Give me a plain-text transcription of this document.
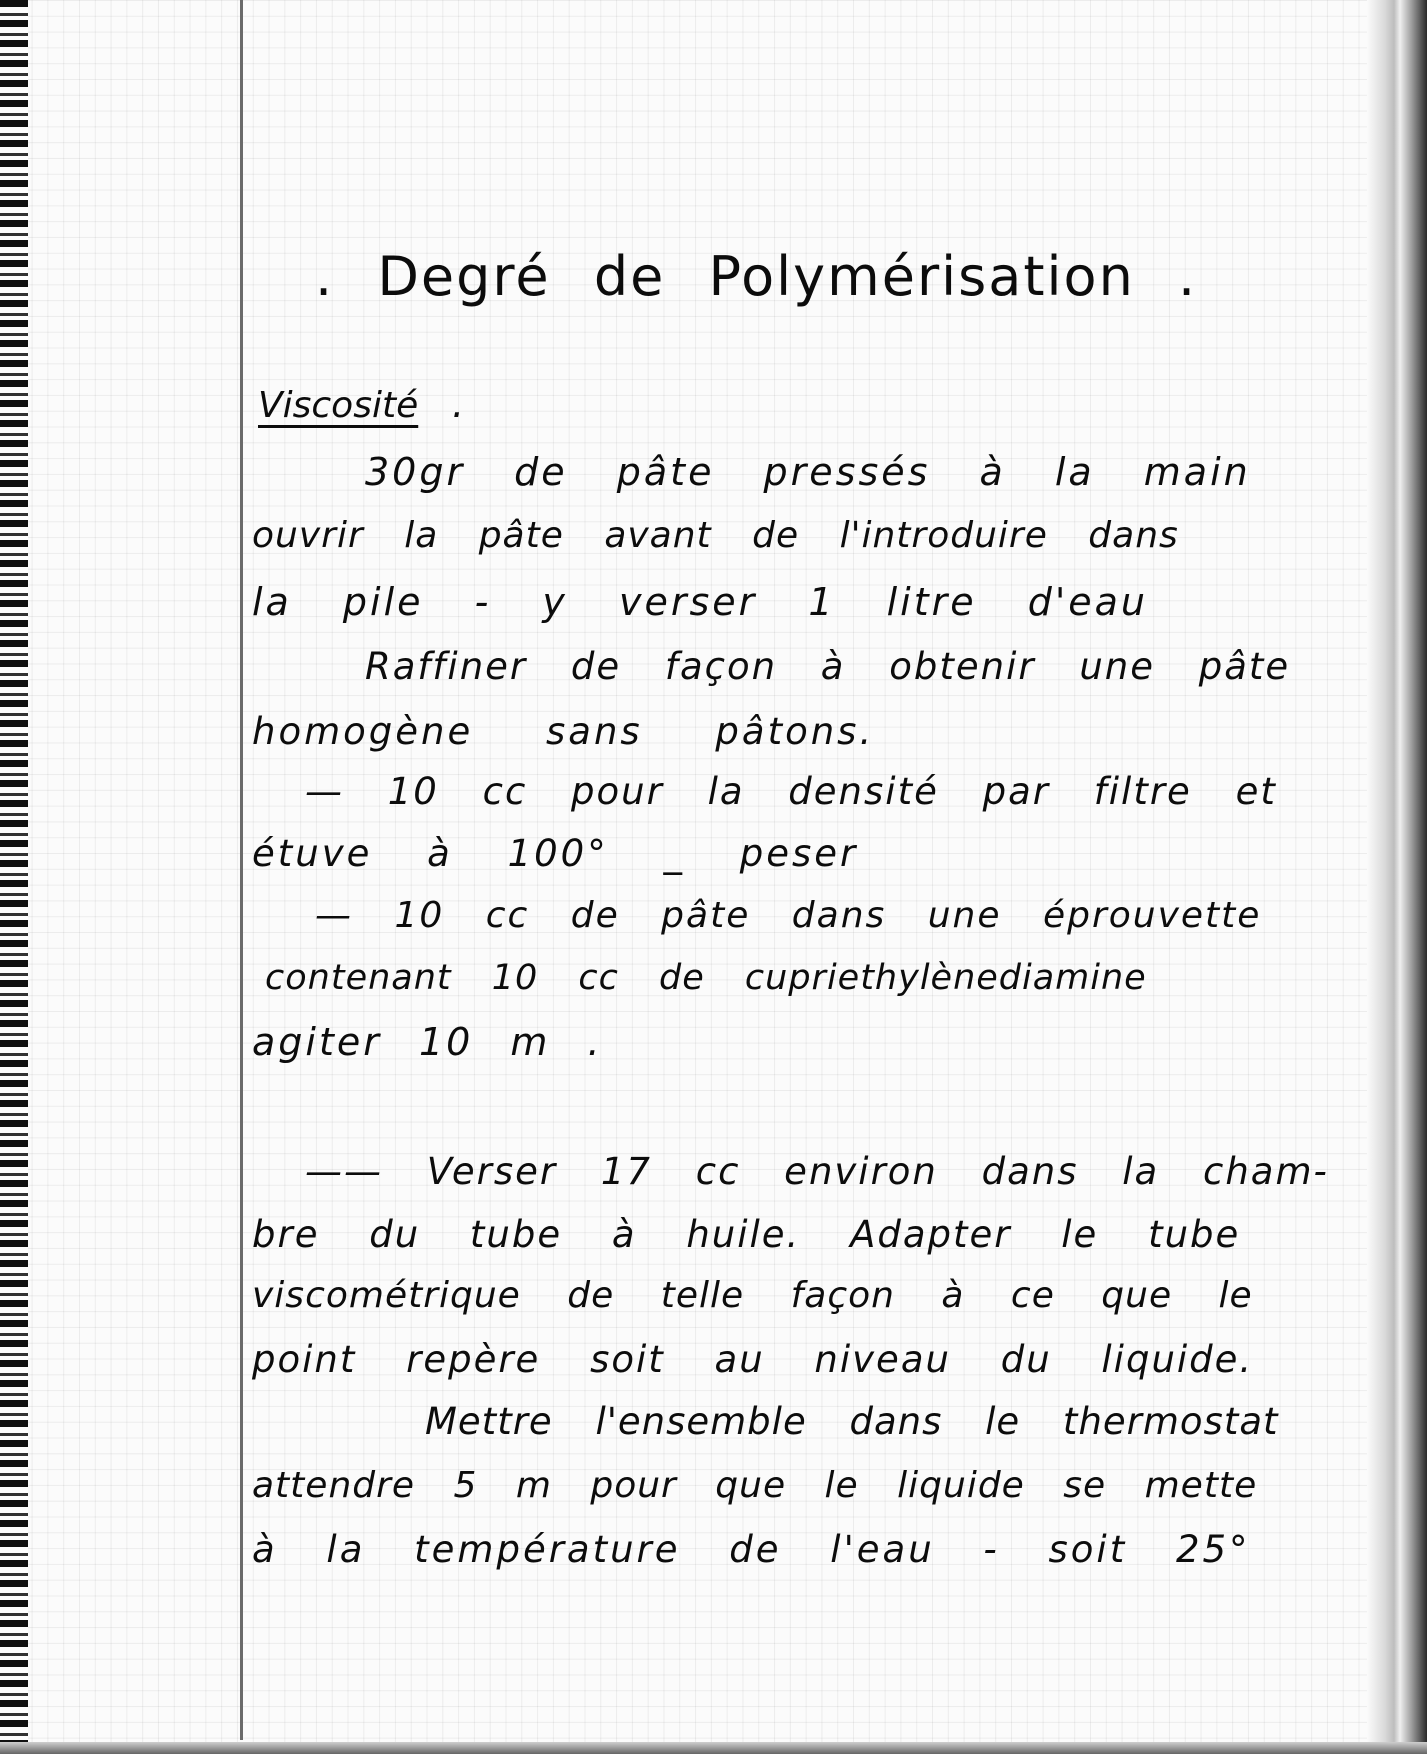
. Degré de Polymérisation .
Viscosité .
30gr de pâte pressés à la main
ouvrir la pâte avant de l'introduire dans
la pile - y verser 1 litre d'eau
Raffiner de façon à obtenir une pâte
homogène sans pâtons.
— 10 cc pour la densité par filtre et
étuve à 100° _ peser
— 10 cc de pâte dans une éprouvette
contenant 10 cc de cupriethylènediamine
agiter 10 m .
—— Verser 17 cc environ dans la cham-
bre du tube à huile. Adapter le tube
viscométrique de telle façon à ce que le
point repère soit au niveau du liquide.
Mettre l'ensemble dans le thermostat
attendre 5 m pour que le liquide se mette
à la température de l'eau - soit 25°
